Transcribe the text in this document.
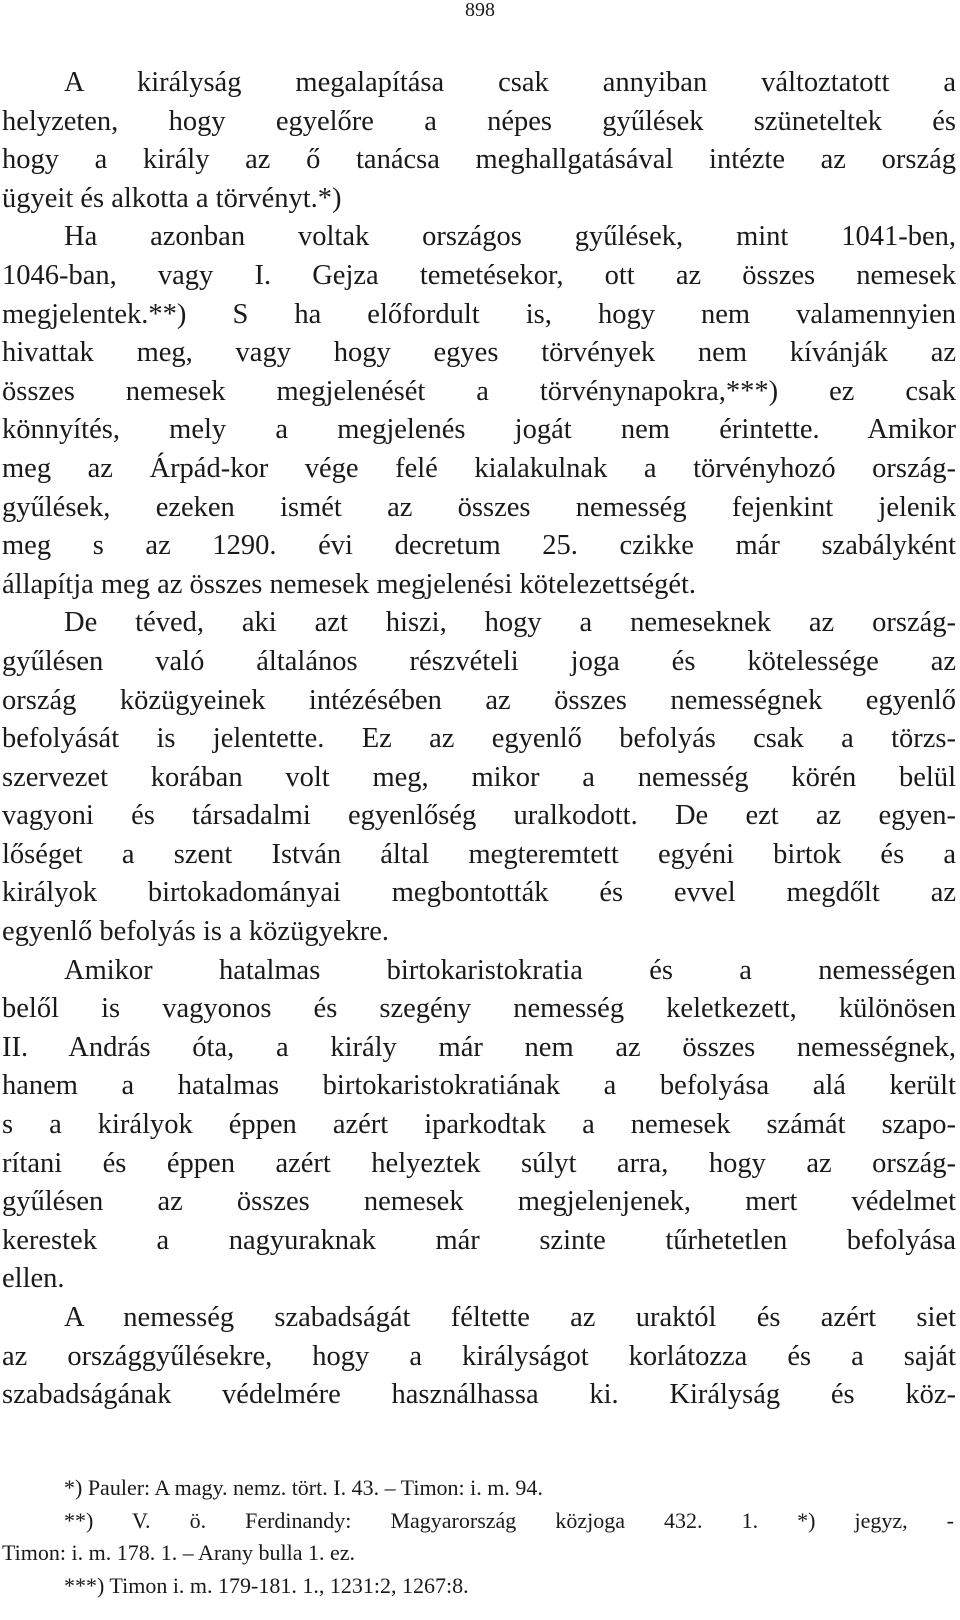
898
A királyság megalapítása csak annyiban változtatott a
helyzeten, hogy egyelőre a népes gyűlések szüneteltek és
hogy a király az ő tanácsa meghallgatásával intézte az ország
ügyeit és alkotta a törvényt.*)
Ha azonban voltak országos gyűlések, mint 1041-ben,
1046-ban, vagy I. Gejza temetésekor, ott az összes nemesek
megjelentek.**) S ha előfordult is, hogy nem valamennyien
hivattak meg, vagy hogy egyes törvények nem kívánják az
összes nemesek megjelenését a törvénynapokra,***) ez csak
könnyítés, mely a megjelenés jogát nem érintette. Amikor
meg az Árpád-kor vége felé kialakulnak a törvényhozó ország-
gyűlések, ezeken ismét az összes nemesség fejenkint jelenik
meg s az 1290. évi decretum 25. czikke már szabályként
állapítja meg az összes nemesek megjelenési kötelezettségét.
De téved, aki azt hiszi, hogy a nemeseknek az ország-
gyűlésen való általános részvételi joga és kötelessége az
ország közügyeinek intézésében az összes nemességnek egyenlő
befolyását is jelentette. Ez az egyenlő befolyás csak a törzs-
szervezet korában volt meg, mikor a nemesség körén belül
vagyoni és társadalmi egyenlőség uralkodott. De ezt az egyen-
lőséget a szent István által megteremtett egyéni birtok és a
királyok birtokadományai megbontották és evvel megdőlt az
egyenlő befolyás is a közügyekre.
Amikor hatalmas birtokaristokratia és a nemességen
belől is vagyonos és szegény nemesség keletkezett, különösen
II. András óta, a király már nem az összes nemességnek,
hanem a hatalmas birtokaristokratiának a befolyása alá került
s a királyok éppen azért iparkodtak a nemesek számát szapo-
rítani és éppen azért helyeztek súlyt arra, hogy az ország-
gyűlésen az összes nemesek megjelenjenek, mert védelmet
kerestek a nagyuraknak már szinte tűrhetetlen befolyása
ellen.
A nemesség szabadságát féltette az uraktól és azért siet
az országgyűlésekre, hogy a királyságot korlátozza és a saját
szabadságának védelmére használhassa ki. Királyság és köz-
*) Pauler: A magy. nemz. tört. I. 43. – Timon: i. m. 94.
**) V. ö. Ferdinandy: Magyarország közjoga 432. 1. *) jegyz, -
Timon: i. m. 178. 1. – Arany bulla 1. ez.
***) Timon i. m. 179-181. 1., 1231:2, 1267:8.
